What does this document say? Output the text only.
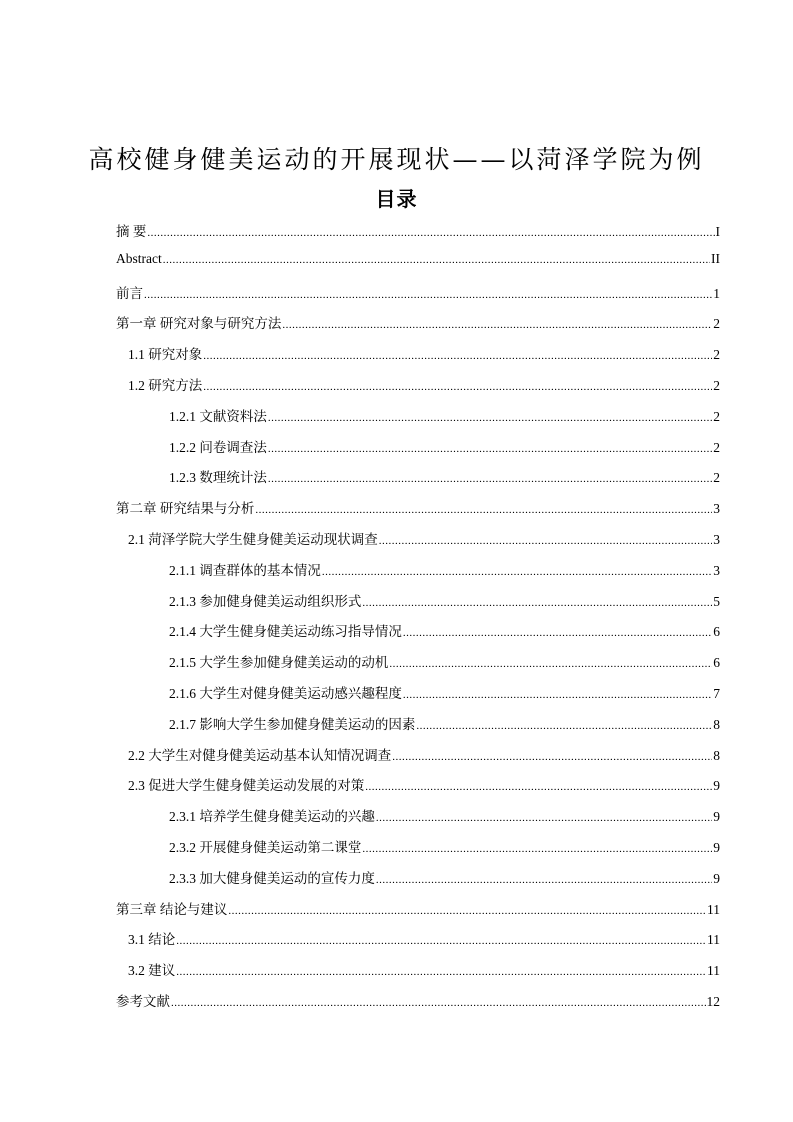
高校健身健美运动的开展现状——以菏泽学院为例
目录
摘 要 .....	I
Abstract .....	II
前言 .....	1
第一章 研究对象与研究方法 .....	2
1.1 研究对象 .....	2
1.2 研究方法 .....	2
1.2.1 文献资料法 .....	2
1.2.2 问卷调查法 .....	2
1.2.3 数理统计法 .....	2
第二章 研究结果与分析 .....	3
2.1 菏泽学院大学生健身健美运动现状调查 .....	3
2.1.1 调查群体的基本情况 .....	3
2.1.3 参加健身健美运动组织形式 .....	5
2.1.4 大学生健身健美运动练习指导情况 .....	6
2.1.5 大学生参加健身健美运动的动机 .....	6
2.1.6 大学生对健身健美运动感兴趣程度 .....	7
2.1.7 影响大学生参加健身健美运动的因素 .....	8
2.2 大学生对健身健美运动基本认知情况调查 .....	8
2.3 促进大学生健身健美运动发展的对策 .....	9
2.3.1 培养学生健身健美运动的兴趣 .....	9
2.3.2 开展健身健美运动第二课堂 .....	9
2.3.3 加大健身健美运动的宣传力度 .....	9
第三章 结论与建议 .....	11
3.1 结论 .....	11
3.2 建议 .....	11
参考文献 .....	12
